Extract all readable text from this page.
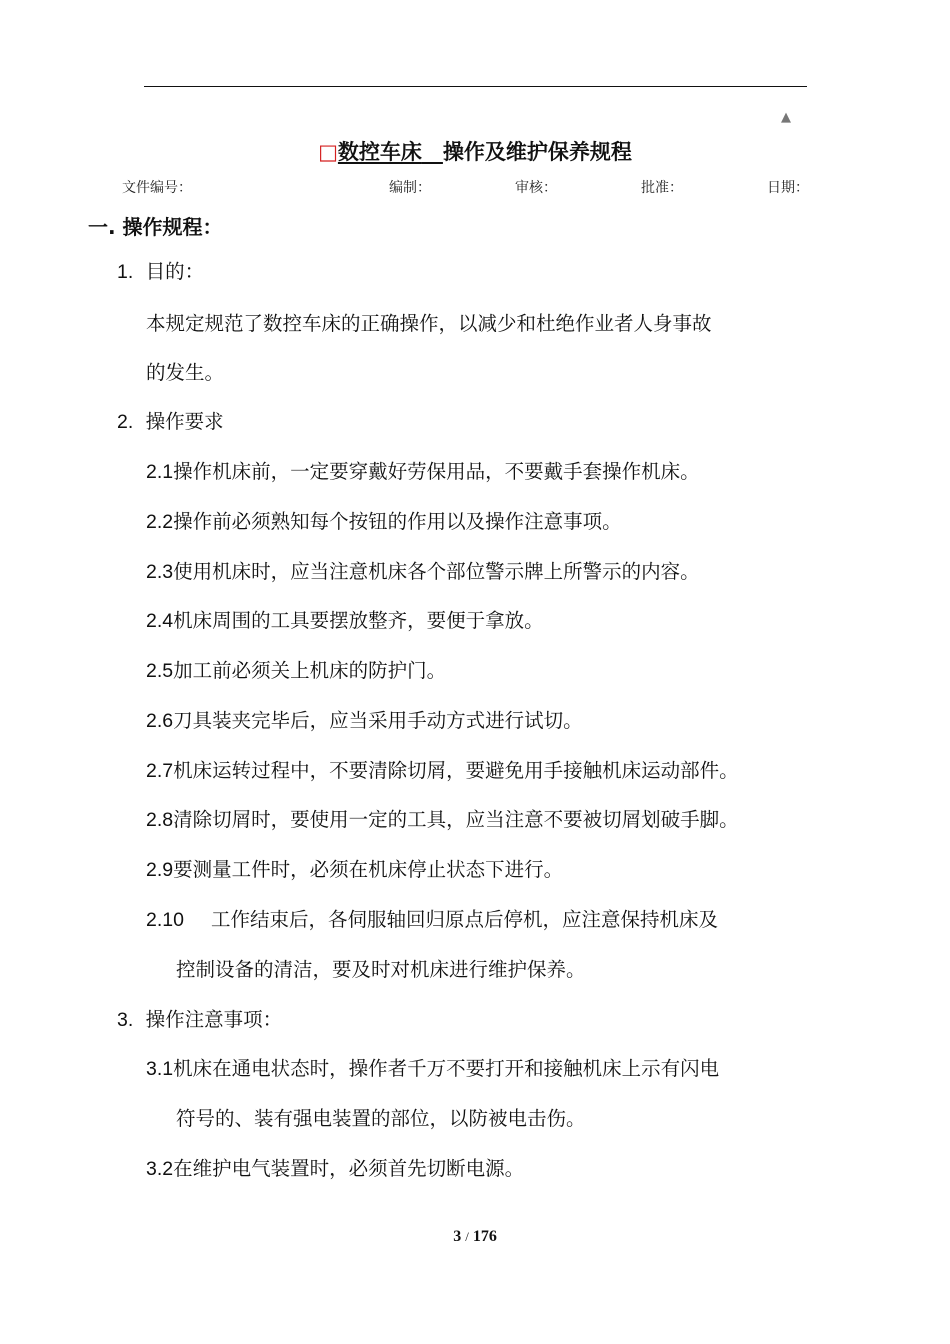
▲
□数控车床  操作及维护保养规程
文件编号：	编制：	审核：	批准：	日期：
一. 操作规程：
1. 目的：
本规定规范了数控车床的正确操作，以减少和杜绝作业者人身事故
的发生。
2. 操作要求
2.1操作机床前，一定要穿戴好劳保用品，不要戴手套操作机床。
2.2操作前必须熟知每个按钮的作用以及操作注意事项。
2.3使用机床时，应当注意机床各个部位警示牌上所警示的内容。
2.4机床周围的工具要摆放整齐，要便于拿放。
2.5加工前必须关上机床的防护门。
2.6刀具装夹完毕后，应当采用手动方式进行试切。
2.7机床运转过程中，不要清除切屑，要避免用手接触机床运动部件。
2.8清除切屑时，要使用一定的工具，应当注意不要被切屑划破手脚。
2.9要测量工件时，必须在机床停止状态下进行。
2.10 工作结束后，各伺服轴回归原点后停机，应注意保持机床及
控制设备的清洁，要及时对机床进行维护保养。
3. 操作注意事项：
3.1机床在通电状态时，操作者千万不要打开和接触机床上示有闪电
符号的、装有强电装置的部位，以防被电击伤。
3.2在维护电气装置时，必须首先切断电源。
3 / 176
